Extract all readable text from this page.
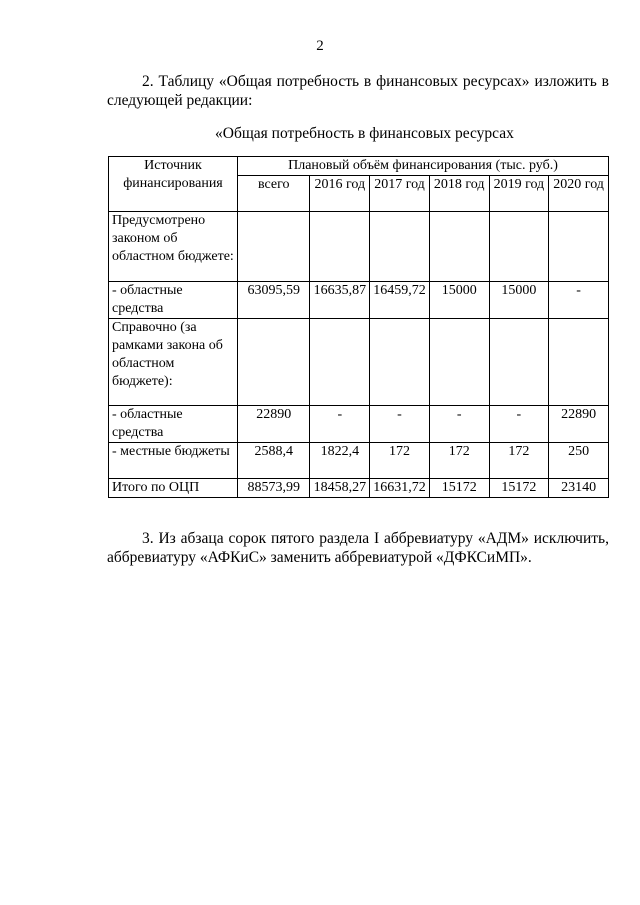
2
2. Таблицу «Общая потребность в финансовых ресурсах» изложить в следующей редакции:
«Общая потребность в финансовых ресурсах
Источник финансирования	Плановый объём финансирования (тыс. руб.)					
	всего	2016 год	2017 год	2018 год	2019 год	2020 год
Предусмотрено законом об областном бюджете:						
- областные средства	63095,59	16635,87	16459,72	15000	15000	-
Справочно (за рамками закона об областном бюджете):						
- областные средства	22890	-	-	-	-	22890
- местные бюджеты	2588,4	1822,4	172	172	172	250
Итого по ОЦП	88573,99	18458,27	16631,72	15172	15172	23140
3. Из абзаца сорок пятого раздела I аббревиатуру «АДМ» исключить, аббревиатуру «АФКиС» заменить аббревиатурой «ДФКСиМП».
